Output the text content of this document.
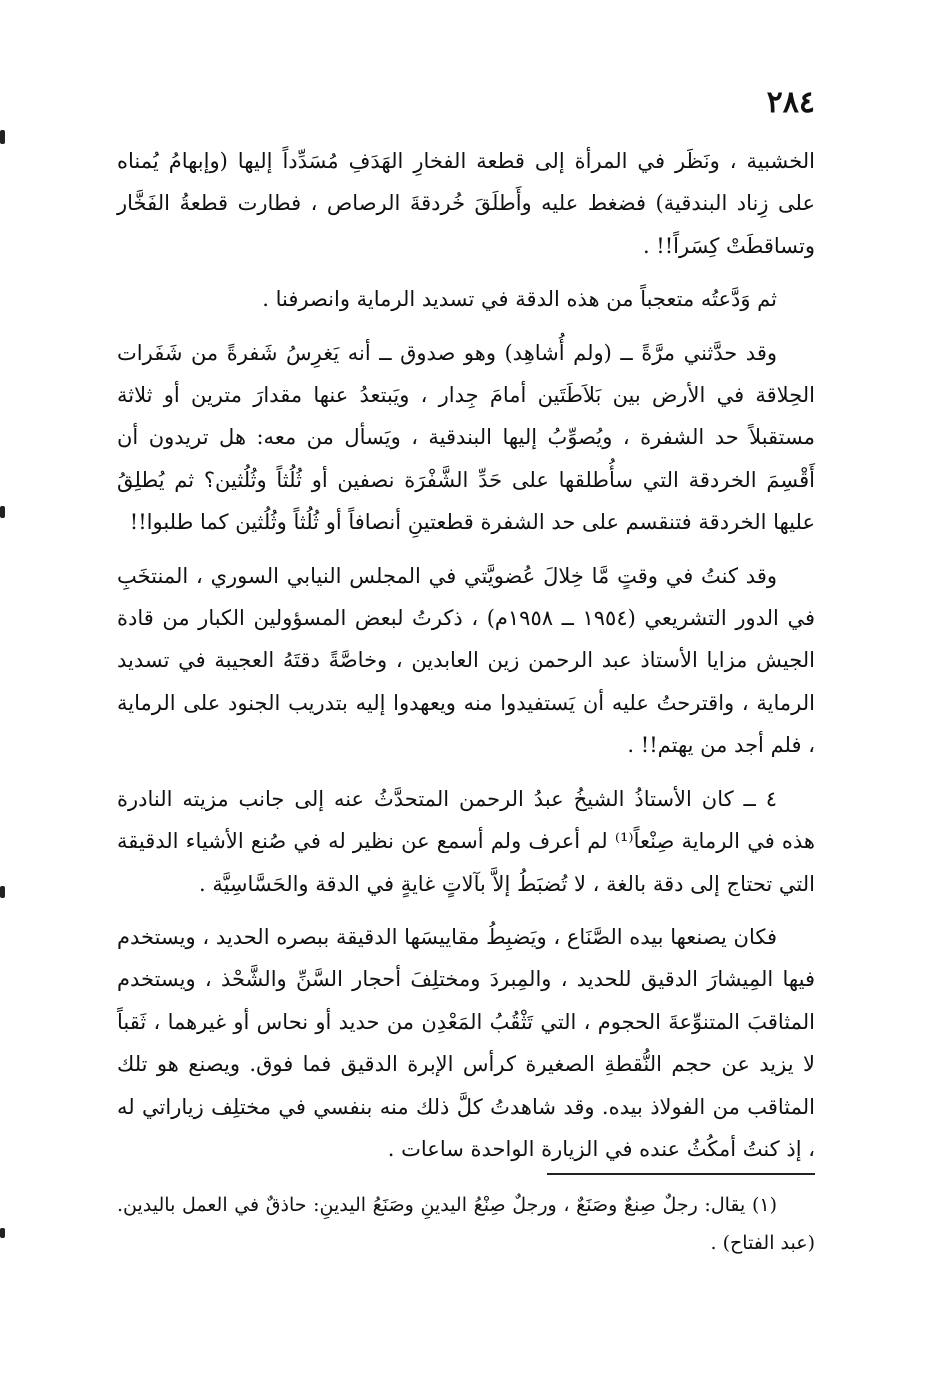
٢٨٤

الخشبية ، ونَظَر في المرأة إلى قطعة الفخارِ الهَدَفِ مُسَدِّداً إليها (وإبهامُ يُمناه على زِناد البندقية) فضغط عليه وأَطلَقَ خُردقةَ الرصاص ، فطارت قطعةُ الفَخَّار وتساقطَتْ كِسَراً!! .

ثم وَدَّعتُه متعجباً من هذه الدقة في تسديد الرماية وانصرفنا .

وقد حدَّثني مرَّةً ــ (ولم أُشاهِد) وهو صدوق ــ أنه يَغرِسُ شَفرةً من شَفَرات الحِلاقة في الأرض بين بَلاَطَتَين أمامَ جِدار ، ويَبتعدُ عنها مقدارَ مترين أو ثلاثة مستقبلاً حد الشفرة ، ويُصوِّبُ إليها البندقية ، ويَسأل من معه: هل تريدون أن أَقْسِمَ الخردقة التي سأُطلقها على حَدِّ الشَّفْرَة نصفين أو ثُلُثاً وثُلُثين؟ ثم يُطلِقُ عليها الخردقة فتنقسم على حد الشفرة قطعتينِ أنصافاً أو ثُلُثاً وثُلُثين كما طلبوا!!

وقد كنتُ في وقتٍ مَّا خِلالَ عُضويَّتي في المجلس النيابي السوري ، المنتخَبِ في الدور التشريعي (١٩٥٤ ــ ١٩٥٨م) ، ذكرتُ لبعض المسؤولين الكبار من قادة الجيش مزايا الأستاذ عبد الرحمن زين العابدين ، وخاصَّةً دقتَهُ العجيبة في تسديد الرماية ، واقترحتُ عليه أن يَستفيدوا منه ويعهدوا إليه بتدريب الجنود على الرماية ، فلم أجد من يهتم!! .

٤ ــ كان الأستاذُ الشيخُ عبدُ الرحمن المتحدَّثُ عنه إلى جانب مزيته النادرة هذه في الرماية صِنْعاً⁽¹⁾ لم أعرف ولم أسمع عن نظير له في صُنع الأشياء الدقيقة التي تحتاج إلى دقة بالغة ، لا تُضبَطُ إلاَّ بآلاتٍ غايةٍ في الدقة والحَسَّاسِيَّة .

فكان يصنعها بيده الصَّنَاع ، ويَضبِطُ مقاييسَها الدقيقة ببصره الحديد ، ويستخدم فيها المِيشارَ الدقيق للحديد ، والمِبردَ ومختلِفَ أحجار السَّنِّ والشَّحْذ ، ويستخدم المثاقبَ المتنوِّعةَ الحجوم ، التي تَثْقُبُ المَعْدِن من حديد أو نحاس أو غيرهما ، ثَقباً لا يزيد عن حجم النُّقطةِ الصغيرة كرأس الإبرة الدقيق فما فوق. ويصنع هو تلك المثاقب من الفولاذ بيده. وقد شاهدتُ كلَّ ذلك منه بنفسي في مختلِف زياراتي له ، إذ كنتُ أمكُثُ عنده في الزيارة الواحدة ساعات .

(١) يقال: رجلٌ صِنعٌ وصَنَعٌ ، ورجلٌ صِنْعُ اليدينِ وصَنَعُ اليدينِ: حاذقٌ في العمل باليدين. (عبد الفتاح) .
